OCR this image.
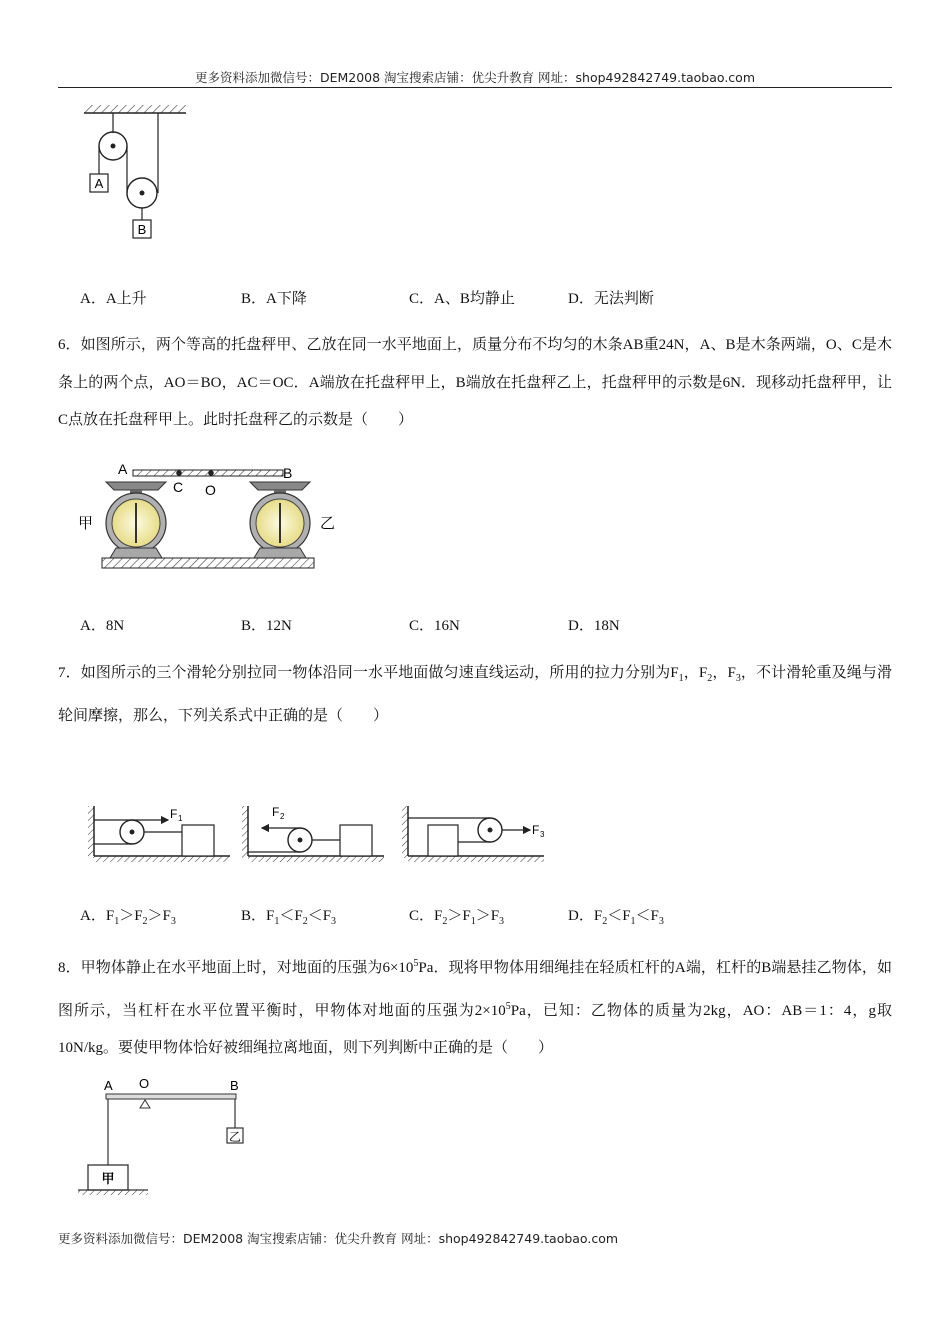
更多资料添加微信号：DEM2008 淘宝搜索店铺：优尖升教育 网址：shop492842749.taobao.com
A
B
A．A上升	B．A下降	C．A、B均静止	D．无法判断
6．如图所示，两个等高的托盘秤甲、乙放在同一水平地面上，质量分布不均匀的木条AB重24N，A、B是木条两端，O、C是木条上的两个点，AO＝BO，AC＝OC．A端放在托盘秤甲上，B端放在托盘秤乙上，托盘秤甲的示数是6N．现移动托盘秤甲，让C点放在托盘秤甲上。此时托盘秤乙的示数是（　　）
A	B
C O
甲	乙
A．8N	B．12N	C．16N	D．18N
7．如图所示的三个滑轮分别拉同一物体沿同一水平地面做匀速直线运动，所用的拉力分别为$F_1$，$F_2$，$F_3$，不计滑轮重及绳与滑轮间摩擦，那么，下列关系式中正确的是（　　）
F 1	F 2
F 3
A．$F_1>F_2>F_3$	B．$F_1<F_2<F_3$	C．$F_2>F_1>F_3$	D．$F_2<F_1<F_3$
8．甲物体静止在水平地面上时，对地面的压强为$6\times 10^5Pa$．现将甲物体用细绳挂在轻质杠杆的A端，杠杆的B端悬挂乙物体，如图所示，当杠杆在水平位置平衡时，甲物体对地面的压强为$2\times 10^5Pa$，已知：乙物体的质量为2kg，AO：AB＝1：4，g取10N/kg。要使甲物体恰好被细绳拉离地面，则下列判断中正确的是（　　）
A O	B
乙
甲
更多资料添加微信号：DEM2008 淘宝搜索店铺：优尖升教育 网址：shop492842749.taobao.com
